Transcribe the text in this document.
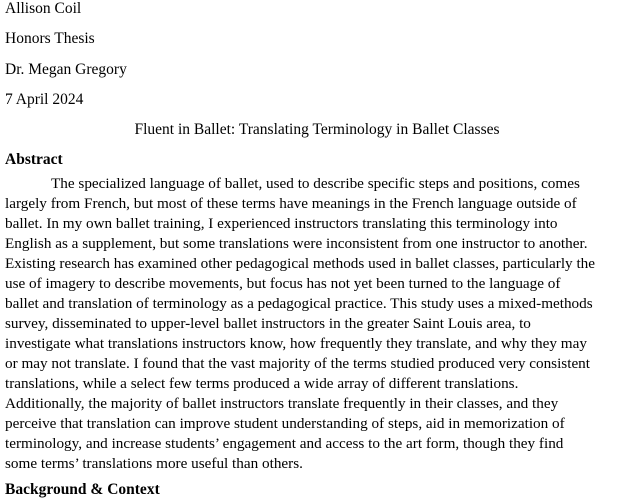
Allison Coil
Honors Thesis
Dr. Megan Gregory
7 April 2024
Fluent in Ballet: Translating Terminology in Ballet Classes
Abstract
The specialized language of ballet, used to describe specific steps and positions, comes
largely from French, but most of these terms have meanings in the French language outside of
ballet. In my own ballet training, I experienced instructors translating this terminology into
English as a supplement, but some translations were inconsistent from one instructor to another.
Existing research has examined other pedagogical methods used in ballet classes, particularly the
use of imagery to describe movements, but focus has not yet been turned to the language of
ballet and translation of terminology as a pedagogical practice. This study uses a mixed-methods
survey, disseminated to upper-level ballet instructors in the greater Saint Louis area, to
investigate what translations instructors know, how frequently they translate, and why they may
or may not translate. I found that the vast majority of the terms studied produced very consistent
translations, while a select few terms produced a wide array of different translations.
Additionally, the majority of ballet instructors translate frequently in their classes, and they
perceive that translation can improve student understanding of steps, aid in memorization of
terminology, and increase students’ engagement and access to the art form, though they find
some terms’ translations more useful than others.
Background & Context
